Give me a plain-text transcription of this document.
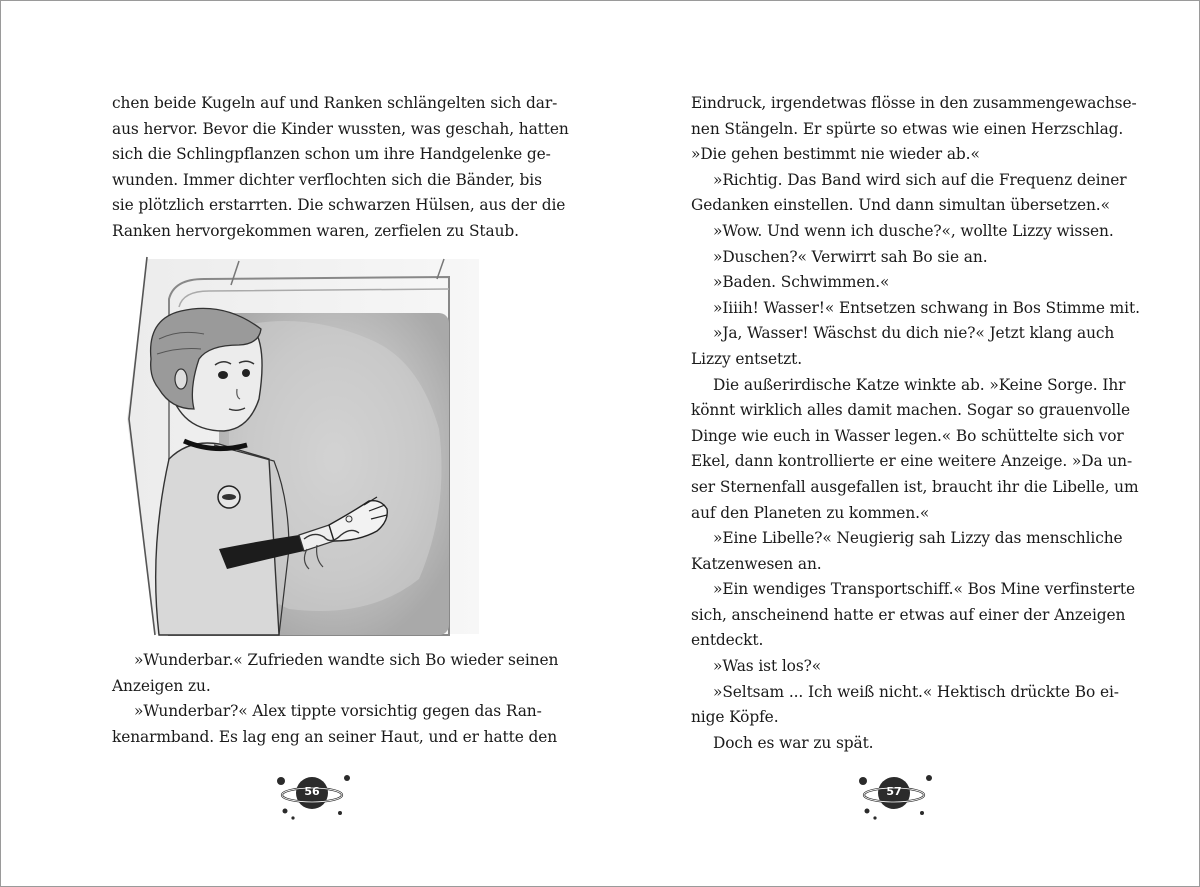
chen beide Kugeln auf und Ranken schlängelten sich dar-
aus hervor. Bevor die Kinder wussten, was geschah, hatten
sich die Schlingpflanzen schon um ihre Handgelenke ge-
wunden. Immer dichter verflochten sich die Bänder, bis
sie plötzlich erstarrten. Die schwarzen Hülsen, aus der die
Ranken hervorgekommen waren, zerfielen zu Staub.
»Wunderbar.« Zufrieden wandte sich Bo wieder seinen
Anzeigen zu.
»Wunderbar?« Alex tippte vorsichtig gegen das Ran-
kenarmband. Es lag eng an seiner Haut, und er hatte den
56
Eindruck, irgendetwas flösse in den zusammengewachse-
nen Stängeln. Er spürte so etwas wie einen Herzschlag.
»Die gehen bestimmt nie wieder ab.«
»Richtig. Das Band wird sich auf die Frequenz deiner
Gedanken einstellen. Und dann simultan übersetzen.«
»Wow. Und wenn ich dusche?«, wollte Lizzy wissen.
»Duschen?« Verwirrt sah Bo sie an.
»Baden. Schwimmen.«
»Iiiih! Wasser!« Entsetzen schwang in Bos Stimme mit.
»Ja, Wasser! Wäschst du dich nie?« Jetzt klang auch
Lizzy entsetzt.
Die außerirdische Katze winkte ab. »Keine Sorge. Ihr
könnt wirklich alles damit machen. Sogar so grauenvolle
Dinge wie euch in Wasser legen.« Bo schüttelte sich vor
Ekel, dann kontrollierte er eine weitere Anzeige. »Da un-
ser Sternenfall ausgefallen ist, braucht ihr die Libelle, um
auf den Planeten zu kommen.«
»Eine Libelle?« Neugierig sah Lizzy das menschliche
Katzenwesen an.
»Ein wendiges Transportschiff.« Bos Mine verfinsterte
sich, anscheinend hatte er etwas auf einer der Anzeigen
entdeckt.
»Was ist los?«
»Seltsam ... Ich weiß nicht.« Hektisch drückte Bo ei-
nige Köpfe.
Doch es war zu spät.
57
